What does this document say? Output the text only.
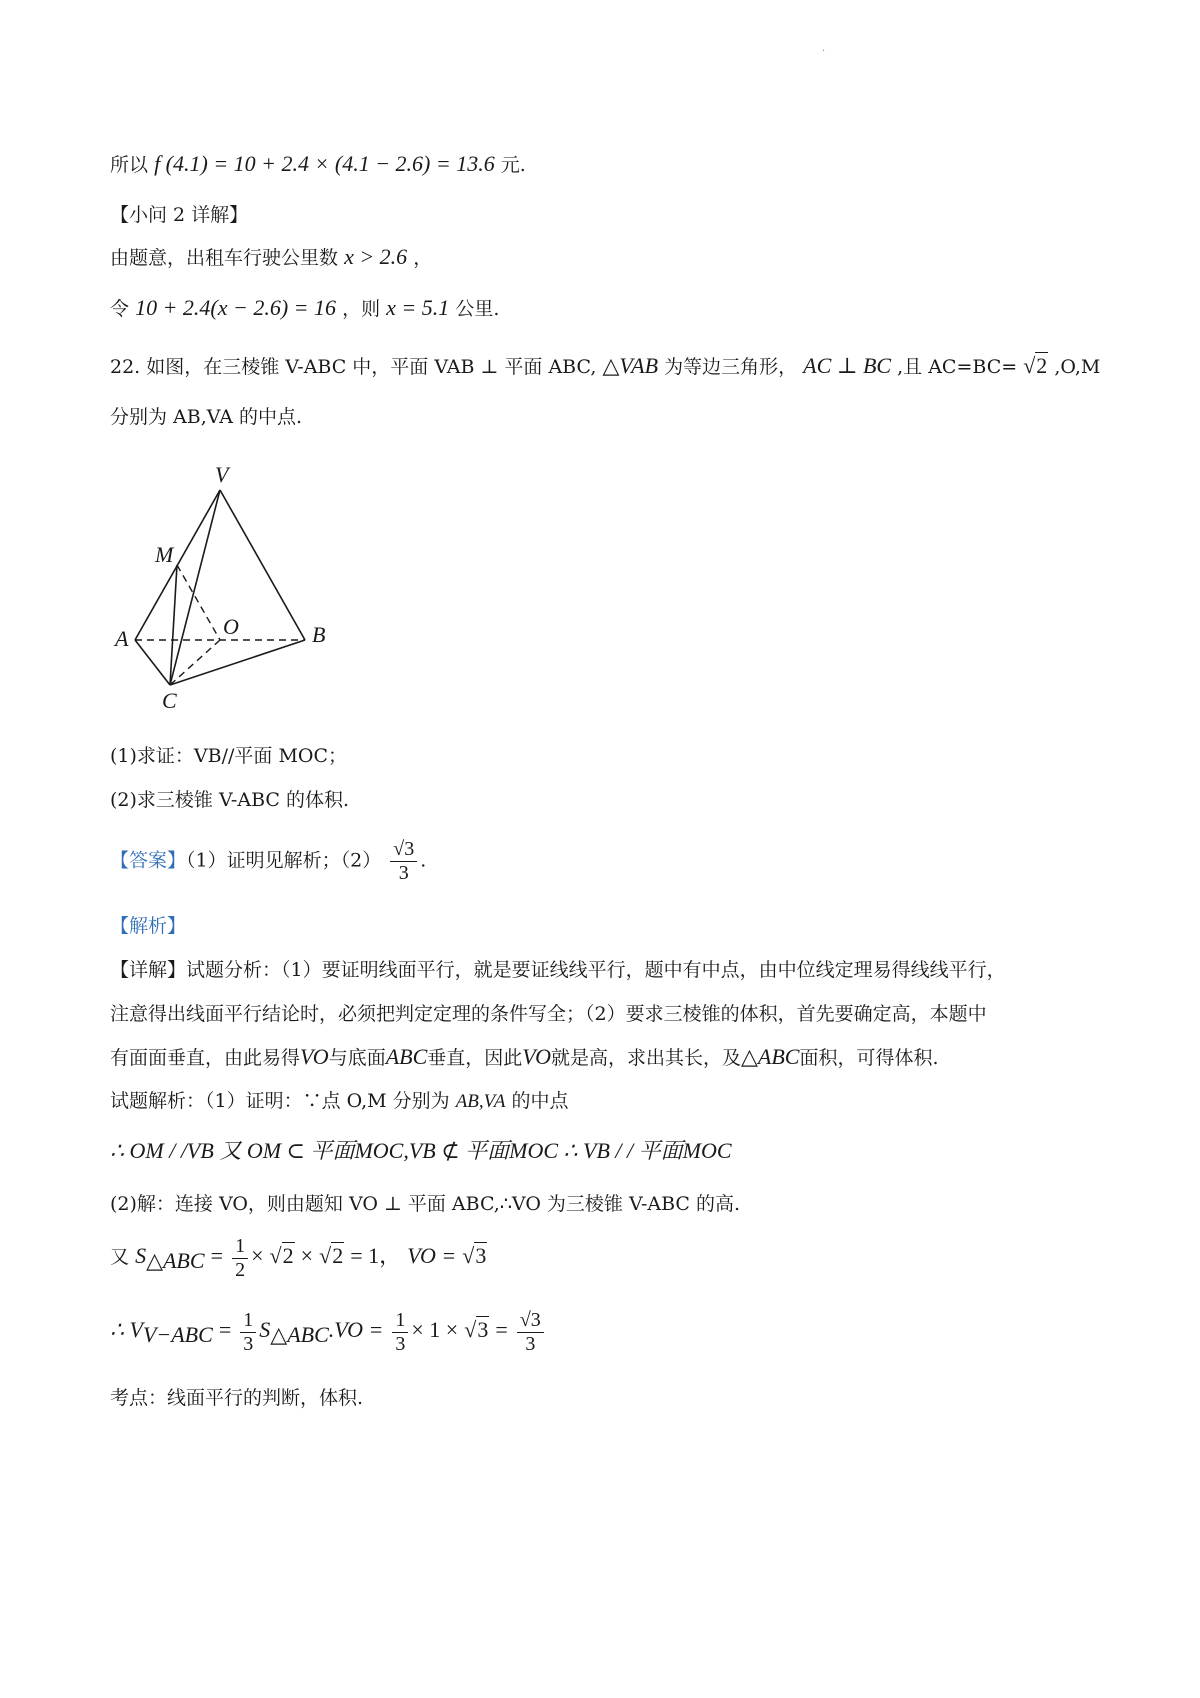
·
所以 f (4.1) = 10 + 2.4 × (4.1 − 2.6) = 13.6 元.
【小问 2 详解】
由题意，出租车行驶公里数 x > 2.6 ，
令 10 + 2.4(x − 2.6) = 16 ，则 x = 5.1 公里.
22. 如图，在三棱锥 V-ABC 中，平面 VAB ⊥ 平面 ABC, △VAB 为等边三角形， AC ⊥ BC ,且 AC=BC= √2 ,O,M
分别为 AB,VA 的中点.
V
M
O
A	B
C
(1)求证：VB//平面 MOC；
(2)求三棱锥 V-ABC 的体积.
【答案】（1）证明见解析；$(2) \frac{√3}{3}$ .
【解析】
【详解】试题分析：（1）要证明线面平行，就是要证线线平行，题中有中点，由中位线定理易得线线平行，
注意得出线面平行结论时，必须把判定定理的条件写全；（2）要求三棱锥的体积，首先要确定高，本题中
有面面垂直，由此易得VO与底面ABC垂直，因此VO就是高，求出其长，及△ABC面积，可得体积.
试题解析：（1）证明：∵点 O,M 分别为 AB,VA 的中点
∴ OM / /VB 又 OM ⊂ 平面MOC,VB ⊄ 平面MOC ∴ VB / / 平面MOC
(2)解：连接 VO，则由题知 VO ⊥ 平面 ABC,∴VO 为三棱锥 V-ABC 的高.
又 $S_{\triangle ABC} = \frac{1}{2} \times √2 \times √2 = 1$， VO = √3
∴ $V_{V-ABC} = \frac{1}{3} S_{\triangle ABC}.VO = \frac{1}{3} \times 1 \times √3 = \frac{√3}{3}$
考点：线面平行的判断，体积.
